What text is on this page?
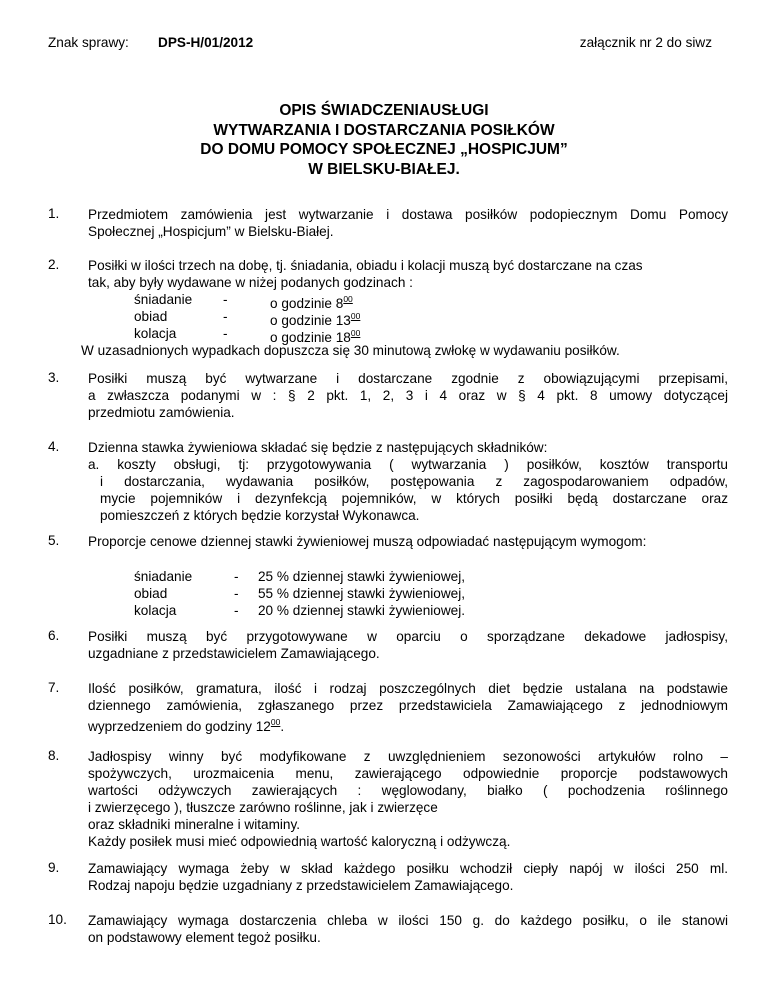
Znak sprawy: DPS-H/01/2012	załącznik nr 2 do siwz
OPIS ŚWIADCZENIAUSŁUGI
WYTWARZANIA I DOSTARCZANIA POSIŁKÓW
DO DOMU POMOCY SPOŁECZNEJ „HOSPICJUM”
W BIELSKU-BIAŁEJ.
1. Przedmiotem zamówienia jest wytwarzanie i dostawa posiłków podopiecznym Domu Pomocy
Społecznej „Hospicjum” w Bielsku-Białej.
2. Posiłki w ilości trzech na dobę, tj. śniadania, obiadu i kolacji muszą być dostarczane na czas
tak, aby były wydawane w niżej podanych godzinach :
śniadanie -	o godzinie $8^{00}$
obiad	-	o godzinie $13^{00}$
kolacja	-	o godzinie $18^{00}$
W uzasadnionych wypadkach dopuszcza się 30 minutową zwłokę w wydawaniu posiłków.
3. Posiłki muszą być wytwarzane i dostarczane zgodnie z obowiązującymi przepisami,
a zwłaszcza podanymi w : § 2 pkt. 1, 2, 3 i 4 oraz w § 4 pkt. 8 umowy dotyczącej
przedmiotu zamówienia.
4. Dzienna stawka żywieniowa składać się będzie z następujących składników:
a. koszty obsługi, tj: przygotowywania ( wytwarzania ) posiłków, kosztów transportu
i dostarczania, wydawania posiłków, postępowania z zagospodarowaniem odpadów,
mycie pojemników i dezynfekcją pojemników, w których posiłki będą dostarczane oraz
pomieszczeń z których będzie korzystał Wykonawca.
5. Proporcje cenowe dziennej stawki żywieniowej muszą odpowiadać następującym wymogom:
śniadanie	- 25 % dziennej stawki żywieniowej,
obiad	- 55 % dziennej stawki żywieniowej,
kolacja	- 20 % dziennej stawki żywieniowej.
6. Posiłki muszą być przygotowywane w oparciu o sporządzane dekadowe jadłospisy,
uzgadniane z przedstawicielem Zamawiającego.
7. Ilość posiłków, gramatura, ilość i rodzaj poszczególnych diet będzie ustalana na podstawie
dziennego zamówienia, zgłaszanego przez przedstawiciela Zamawiającego z jednodniowym
wyprzedzeniem do godziny $12^{00}$.
8. Jadłospisy winny być modyfikowane z uwzględnieniem sezonowości artykułów rolno –
spożywczych, urozmaicenia menu, zawierającego odpowiednie proporcje podstawowych
wartości odżywczych zawierających : węglowodany, białko ( pochodzenia roślinnego
i zwierzęcego ), tłuszcze zarówno roślinne, jak i zwierzęce
oraz składniki mineralne i witaminy.
Każdy posiłek musi mieć odpowiednią wartość kaloryczną i odżywczą.
9. Zamawiający wymaga żeby w skład każdego posiłku wchodził ciepły napój w ilości 250 ml.
Rodzaj napoju będzie uzgadniany z przedstawicielem Zamawiającego.
10. Zamawiający wymaga dostarczenia chleba w ilości 150 g. do każdego posiłku, o ile stanowi
on podstawowy element tegoż posiłku.
